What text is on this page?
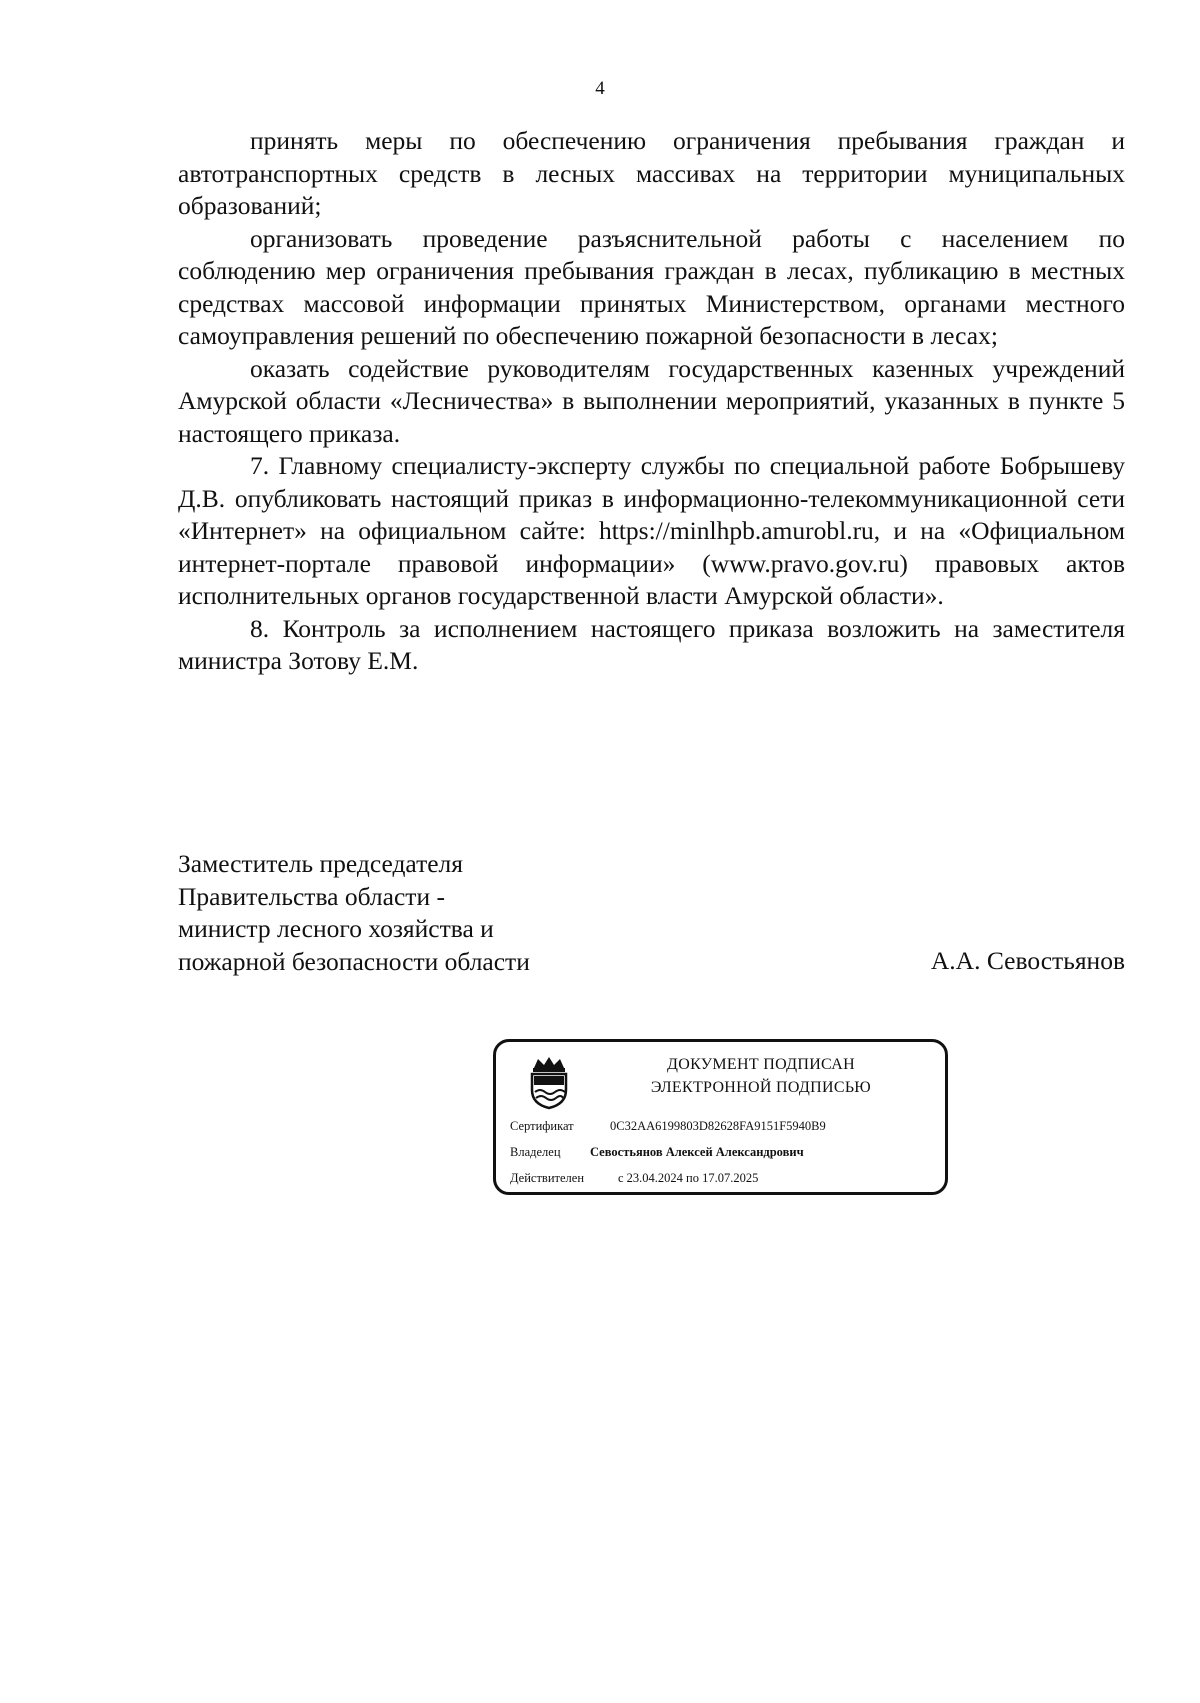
4

принять меры по обеспечению ограничения пребывания граждан и автотранспортных средств в лесных массивах на территории муниципальных образований;

организовать проведение разъяснительной работы с населением по соблюдению мер ограничения пребывания граждан в лесах, публикацию в местных средствах массовой информации принятых Министерством, органами местного самоуправления решений по обеспечению пожарной безопасности в лесах;

оказать содействие руководителям государственных казенных учреждений Амурской области «Лесничества» в выполнении мероприятий, указанных в пункте 5 настоящего приказа.

7. Главному специалисту-эксперту службы по специальной работе Бобрышеву Д.В. опубликовать настоящий приказ в информационно-телекоммуникационной сети «Интернет» на официальном сайте: https://minlhpb.amurobl.ru, и на «Официальном интернет-портале правовой информации» (www.pravo.gov.ru) правовых актов исполнительных органов государственной власти Амурской области».

8. Контроль за исполнением настоящего приказа возложить на заместителя министра Зотову Е.М.

Заместитель председателя
Правительства области -
министр лесного хозяйства и
пожарной безопасности области	А.А. Севостьянов
ДОКУМЕНТ ПОДПИСАН
ЭЛЕКТРОННОЙ ПОДПИСЬЮ
Сертификат	0C32AA6199803D82628FA9151F5940B9
Владелец Севостьянов Алексей Александрович
Действителен	с 23.04.2024 по 17.07.2025
